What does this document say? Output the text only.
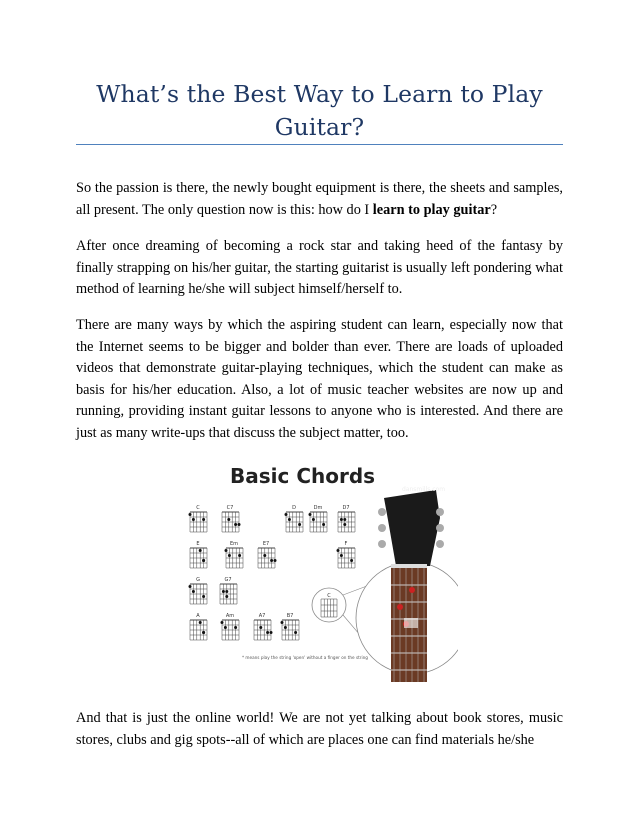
What’s the Best Way to Learn to Play Guitar?

So the passion is there, the newly bought equipment is there, the sheets and samples, all present. The only question now is this: how do I learn to play guitar?

After once dreaming of becoming a rock star and taking heed of the fantasy by finally strapping on his/her guitar, the starting guitarist is usually left pondering what method of learning he/she will subject himself/herself to.

There are many ways by which the aspiring student can learn, especially now that the Internet seems to be bigger and bolder than ever. There are loads of uploaded videos that demonstrate guitar-playing techniques, which the student can make as basis for his/her education. Also, a lot of music teacher websites are now up and running, providing instant guitar lessons to anyone who is interested. And there are just as many write-ups that discuss the subject matter, too.

Basic Chords
C	C7	D	Dm	D7
E	Em	E7	F
G	G7
A	Am	A7	B7
C
dansmills.com
* means play the string 'open' without a finger on the string

And that is just the online world! We are not yet talking about book stores, music stores, clubs and gig spots--all of which are places one can find materials he/she
